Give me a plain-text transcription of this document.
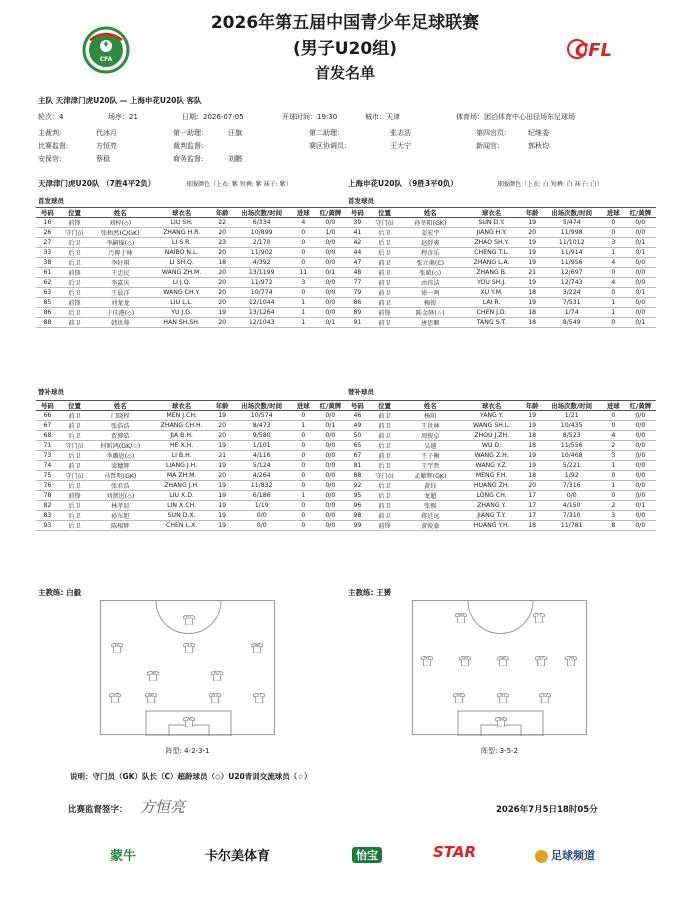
2026年第五届中国青少年足球联赛
(男子U20组)
首发名单
CFA	CFL
主队 天津津门虎U20队 — 上海申花U20队 客队
轮次：4	场序：21	日期：2026-07-05	开球时间：19:30	城市：天津	体育场：团泊体育中心田径场东足球场
主裁判:	代冰月	第一助理:	汪旗	第二助理:	张志浩	第四官员:	纪继委
比赛监督:	方恒亮	裁判监督:	赛区协调员:	王大宁	新闻官:	郭秋均
安保官:	蔡稳	商务监督:	刘鹏
天津津门虎U20队 （7胜4平2负）	球服颜色（上衣: 紫 短裤: 紫 袜子: 紫）	上海申花U20队 （9胜3平0负）	球服颜色（上衣: 白 短裤: 白 袜子: 白）
首发球员	首发球员
号码	位置	姓名	球衣名	年龄	出场次数/时间	进球	红/黄牌
16	前锋	刘梓(◇)	LIU SH.	22	6/334	4	0/0
26	守门员	张梧然(C/GK)	ZHANG H.R.	20	10/899	0	1/0
27	后卫	李嗣锦(◇)	LI S.R.	23	2/170	0	0/0
33	后卫	乃博于林	NAIBO N.L.	20	11/902	0	0/0
38	后卫	李轩琪	LI SH.Q.	18	4/392	0	0/0
61	前锋	王忠民	WANG ZH.M.	20	13/1199	11	0/1
62	后卫	李嘉庆	LI J.Q.	20	11/972	3	0/0
63	后卫	王晨洋	WANG CH.Y.	20	10/774	0	0/0
85	前锋	刘龙龙	LIU L.L.	20	12/1044	1	0/0
86	后卫	于佳港(◇)	YU J.G.	19	13/1264	1	0/0
88	前卫	韩世帅	HAN SH.SH.	20	12/1043	1	0/1
号码	位置	姓名	球衣名	年龄	出场次数/时间	进球	红/黄牌
39	守门员	孙冬阳(GK)	SUN D.Y.	19	5/474	0	0/0
41	后卫	姜宏宇	JIANG H.Y.	20	11/998	0	0/0
42	后卫	赵舒爽	ZHAO SH.Y.	19	11/1012	3	0/1
44	后卫	程彦乐	CHENG T.L.	19	11/914	1	0/1
47	前卫	张立奥(C)	ZHANG L.A.	19	11/956	4	0/0
48	前卫	张斌(◇)	ZHANG B.	21	12/697	0	0/0
77	前卫	由祎洁	YOU SH.J.	19	12/743	4	0/0
79	前卫	徐一鸣	XU Y.M.	18	3/224	0	0/1
86	前卫	赖锐	LAI R.	19	7/531	1	0/0
89	前锋	陈金驿(☆)	CHEN J.D.	18	1/74	1	0/0
91	前卫	唐思顺	TANG S.T.	18	8/549	0	0/1
替补球员	替补球员
号码	位置	姓名	球衣名	年龄	出场次数/时间	进球	红/黄牌
66	前卫	门晓程	MEN J.CH.	19	10/574	0	0/0
67	前卫	张浩浩	ZHANG CH.H.	20	8/473	1	0/1
68	后卫	贾博皓	JIA B.H.	20	9/580	0	0/0
71	守门员	何昕鸿(GK/☆)	HE X.H.	19	1/101	0	0/0
73	后卫	李璐恩(◇)	LI B.H.	21	4/116	0	0/0
74	前卫	梁穗辉	LIANG J.H.	19	5/124	0	0/0
75	守门员	马哲明(GK)	MA ZH.M.	20	4/264	0	0/0
76	后卫	张君浩	ZHANG J.H.	19	11/832	0	0/0
78	前锋	刘贤迅(◇)	LIU X.D.	19	6/186	1	0/0
82	后卫	林孝辰	LIN X.CH.	19	1/19	0	0/0
83	后卫	孙东旭	SUN D.X.	19	0/0	0	0/0
93	后卫	陈相辉	CHEN L.X.	19	0/0	0	0/0
号码	位置	姓名	球衣名	年龄	出场次数/时间	进球	红/黄牌
46	前卫	杨阳	YANG Y.	19	1/21	0	0/0
49	前卫	王世林	WANG SH.L.	19	10/435	0	0/0
50	前卫	周俊卓	ZHOU J.ZH.	18	8/523	4	0/0
65	后卫	吴越	WU D.	18	11/556	2	0/0
67	前卫	王子衡	WANG Z.H.	19	10/468	3	0/0
81	后卫	王宇哲	WANG Y.Z.	19	5/221	1	0/0
88	守门员	孟繁辉(GK)	MENG F.H.	18	1/92	0	0/0
92	后卫	黄钰	HUANG ZH.	20	7/316	1	0/0
95	后卫	龙超	LONG CH.	17	0/0	0	0/0
96	前卫	张熙	ZHANG Y.	17	4/150	2	0/1
98	前卫	蒋廷远	JIANG T.Y.	17	7/310	3	0/0
99	前锋	黄锐豪	HUANG Y.H.	18	11/781	8	0/0
主教练: 白毅	主教练: 王赟
61
16	33	88
38	62
33	86	63	27
26
89	77
91	89	86	47	79
44	41	42
39
阵型: 4-2-3-1	阵型: 3-5-2
说明：守门员（GK）队长（C）超龄球员（◇）U20青训交流球员（☆）
比赛监督签字： 方恒亮	2026年7月5日18时05分
蒙牛	卡尔美体育	怡宝	STAR	足球频道
